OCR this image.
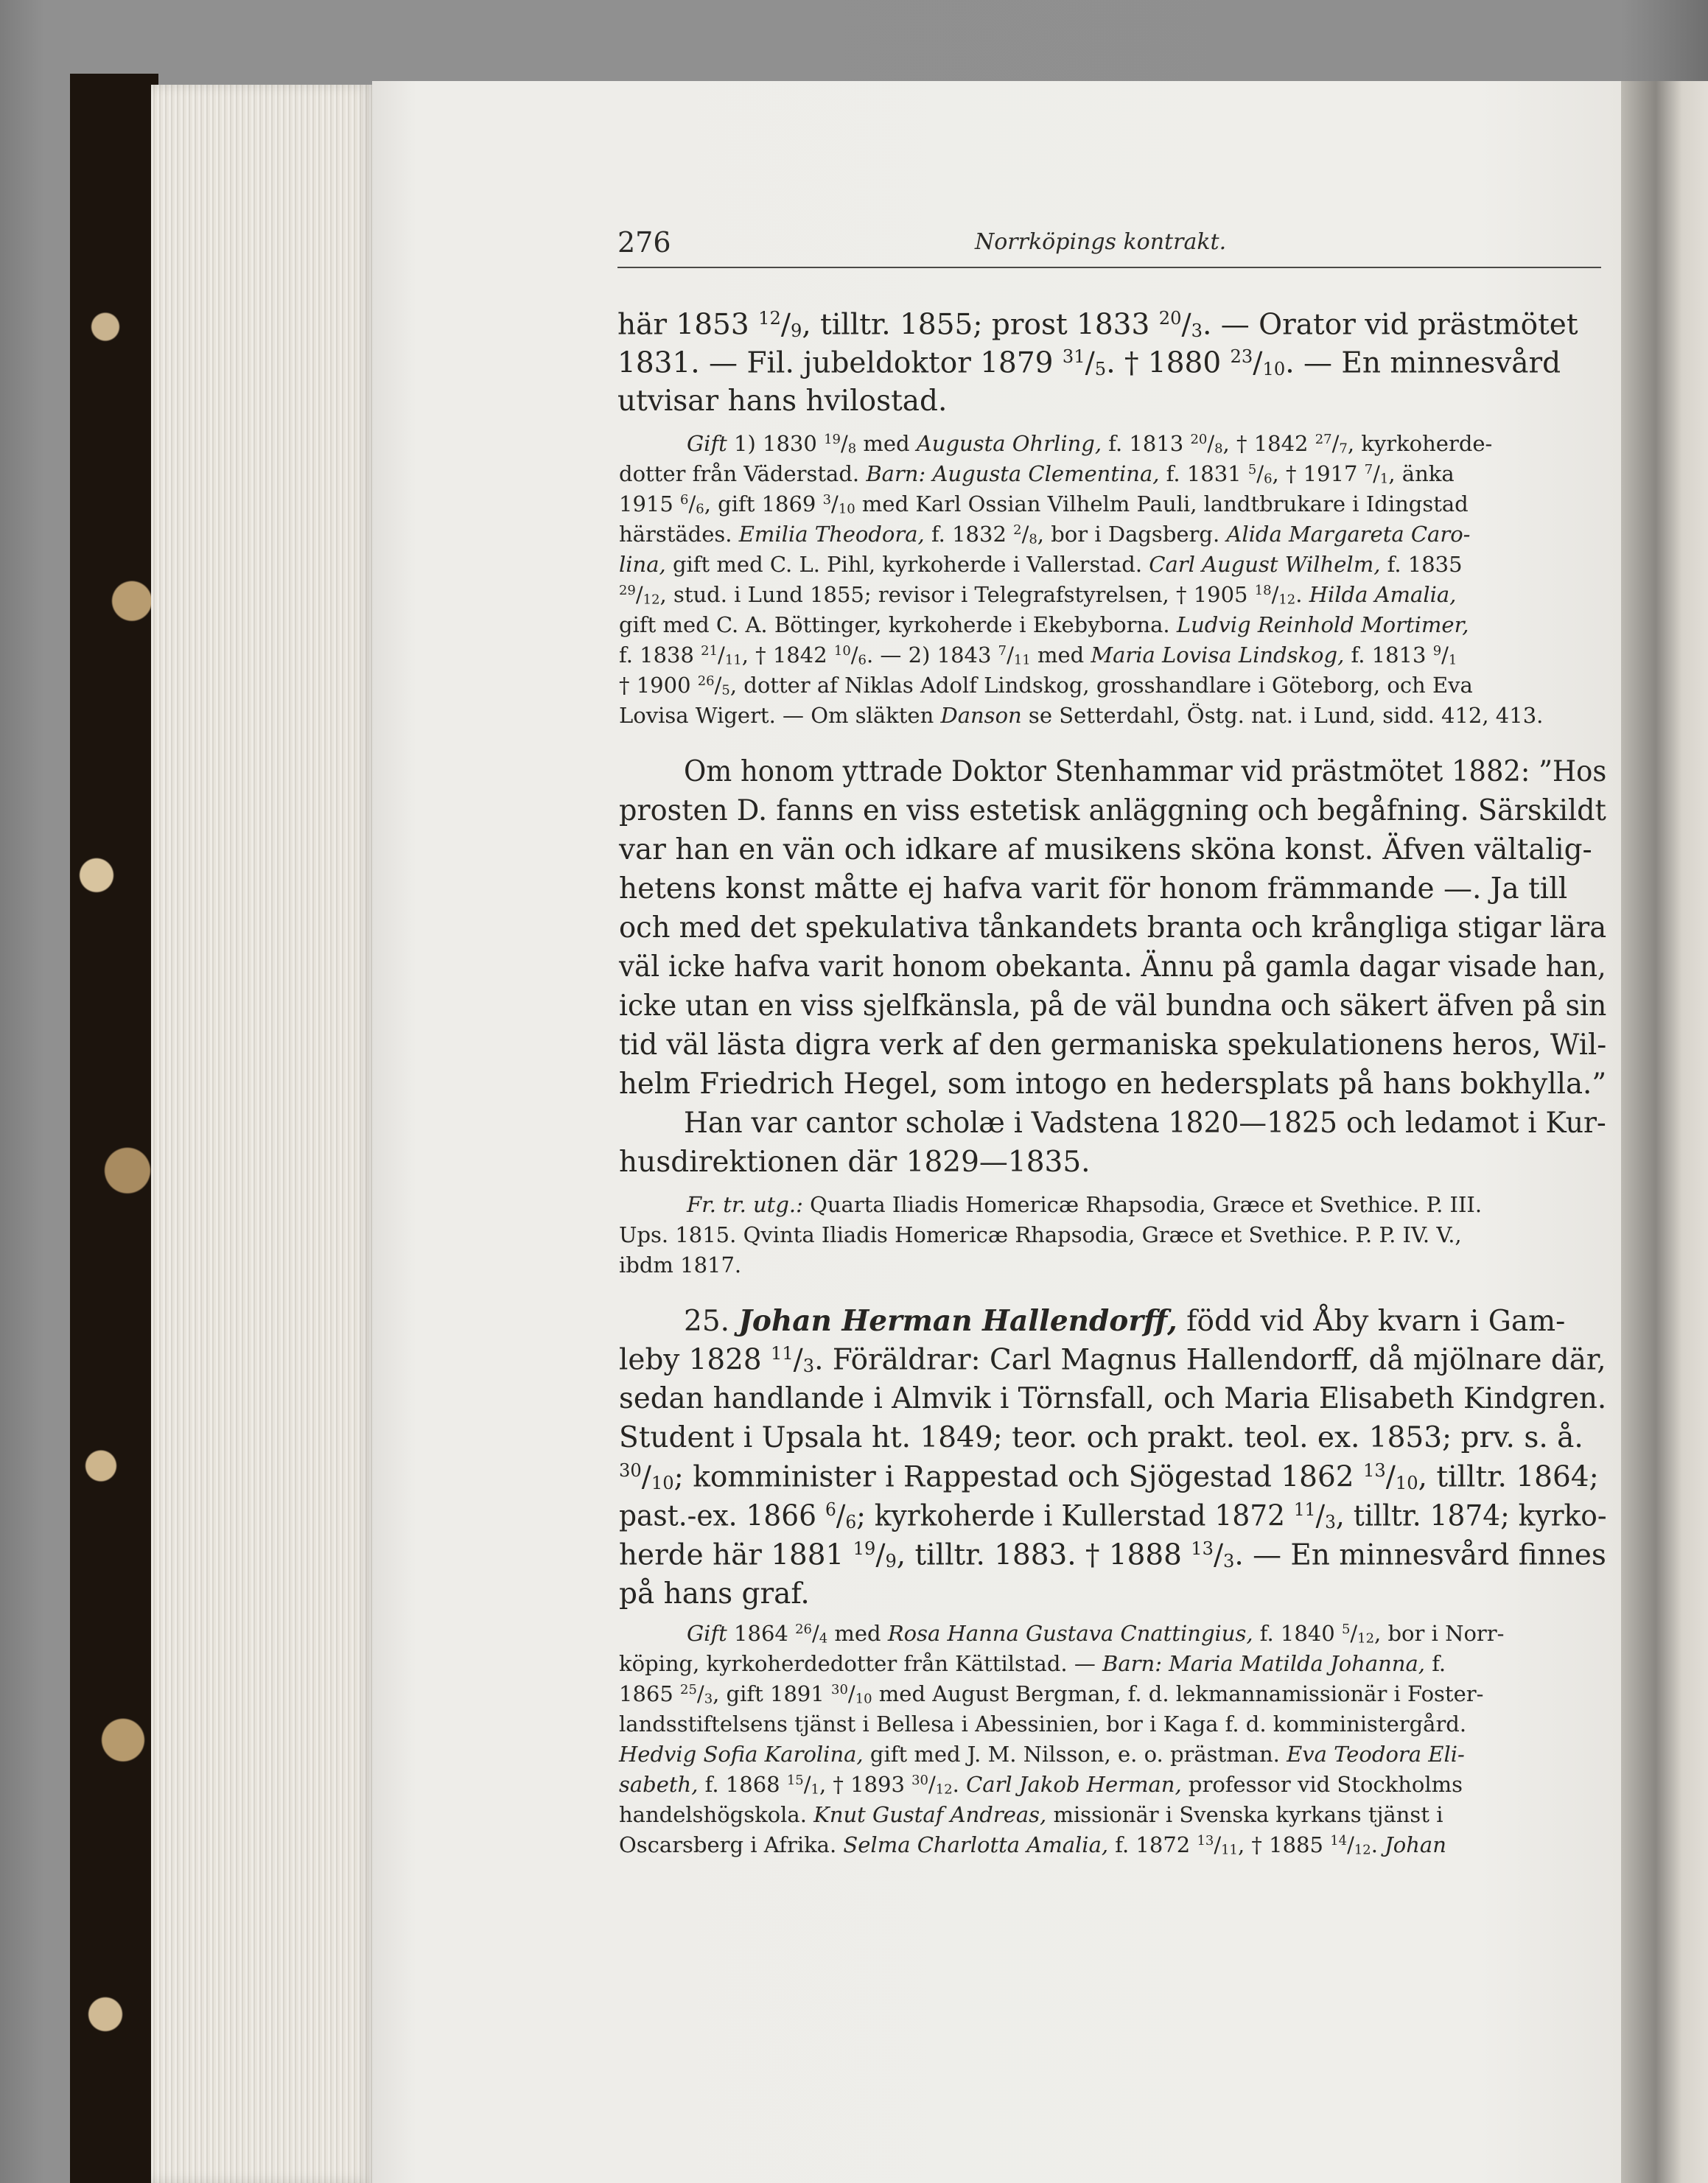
276	Norrköpings kontrakt.
här 1853 $^{12}/_9$, tilltr. 1855; prost 1833 $^{20}/_3$. — Orator vid prästmötet
1831. — Fil. jubeldoktor 1879 $^{31}/_5$. † 1880 $^{23}/_{10}$. — En minnesvård
utvisar hans hvilostad.
Gift 1) 1830 $^{19}/_8$ med Augusta Ohrling, f. 1813 $^{20}/_8$, † 1842 $^{27}/_7$, kyrkoherde-
dotter från Väderstad. Barn: Augusta Clementina, f. 1831 $^5/_6$, † 1917 $^7/_1$, änka
1915 $^6/_6$, gift 1869 $^3/_{10}$ med Karl Ossian Vilhelm Pauli, landtbrukare i Idingstad
härstädes. Emilia Theodora, f. 1832 $^2/_8$, bor i Dagsberg. Alida Margareta Caro-
lina, gift med C. L. Pihl, kyrkoherde i Vallerstad. Carl August Wilhelm, f. 1835
$^{29}/_{12}$, stud. i Lund 1855; revisor i Telegrafstyrelsen, † 1905 $^{18}/_{12}$. Hilda Amalia,
gift med C. A. Böttinger, kyrkoherde i Ekebyborna. Ludvig Reinhold Mortimer,
f. 1838 $^{21}/_{11}$, † 1842 $^{10}/_6$. — 2) 1843 $^7/_{11}$ med Maria Lovisa Lindskog, f. 1813 $^9/_1$
† 1900 $^{26}/_5$, dotter af Niklas Adolf Lindskog, grosshandlare i Göteborg, och Eva
Lovisa Wigert. — Om släkten Danson se Setterdahl, Östg. nat. i Lund, sidd. 412, 413.
Om honom yttrade Doktor Stenhammar vid prästmötet 1882: ”Hos
prosten D. fanns en viss estetisk anläggning och begåfning. Särskildt
var han en vän och idkare af musikens sköna konst. Äfven vältalig-
hetens konst måtte ej hafva varit för honom främmande —. Ja till
och med det spekulativa tånkandets branta och krångliga stigar lära
väl icke hafva varit honom obekanta. Ännu på gamla dagar visade han,
icke utan en viss sjelfkänsla, på de väl bundna och säkert äfven på sin
tid väl lästa digra verk af den germaniska spekulationens heros, Wil-
helm Friedrich Hegel, som intogo en hedersplats på hans bokhylla.”
Han var cantor scholæ i Vadstena 1820—1825 och ledamot i Kur-
husdirektionen där 1829—1835.
Fr. tr. utg.: Quarta Iliadis Homericæ Rhapsodia, Græce et Svethice. P. III.
Ups. 1815. Qvinta Iliadis Homericæ Rhapsodia, Græce et Svethice. P. P. IV. V.,
ibdm 1817.
25. Johan Herman Hallendorff, född vid Åby kvarn i Gam-
leby 1828 $^{11}/_3$. Föräldrar: Carl Magnus Hallendorff, då mjölnare där,
sedan handlande i Almvik i Törnsfall, och Maria Elisabeth Kindgren.
Student i Upsala ht. 1849; teor. och prakt. teol. ex. 1853; prv. s. å.
$^{30}/_{10}$; komminister i Rappestad och Sjögestad 1862 $^{13}/_{10}$, tilltr. 1864;
past.-ex. 1866 $^6/_6$; kyrkoherde i Kullerstad 1872 $^{11}/_3$, tilltr. 1874; kyrko-
herde här 1881 $^{19}/_9$, tilltr. 1883. † 1888 $^{13}/_3$. — En minnesvård finnes
på hans graf.
Gift 1864 $^{26}/_4$ med Rosa Hanna Gustava Cnattingius, f. 1840 $^5/_{12}$, bor i Norr-
köping, kyrkoherdedotter från Kättilstad. — Barn: Maria Matilda Johanna, f.
1865 $^{25}/_3$, gift 1891 $^{30}/_{10}$ med August Bergman, f. d. lekmannamissionär i Foster-
landsstiftelsens tjänst i Bellesa i Abessinien, bor i Kaga f. d. komministergård.
Hedvig Sofia Karolina, gift med J. M. Nilsson, e. o. prästman. Eva Teodora Eli-
sabeth, f. 1868 $^{15}/_1$, † 1893 $^{30}/_{12}$. Carl Jakob Herman, professor vid Stockholms
handelshögskola. Knut Gustaf Andreas, missionär i Svenska kyrkans tjänst i
Oscarsberg i Afrika. Selma Charlotta Amalia, f. 1872 $^{13}/_{11}$, † 1885 $^{14}/_{12}$. Johan
